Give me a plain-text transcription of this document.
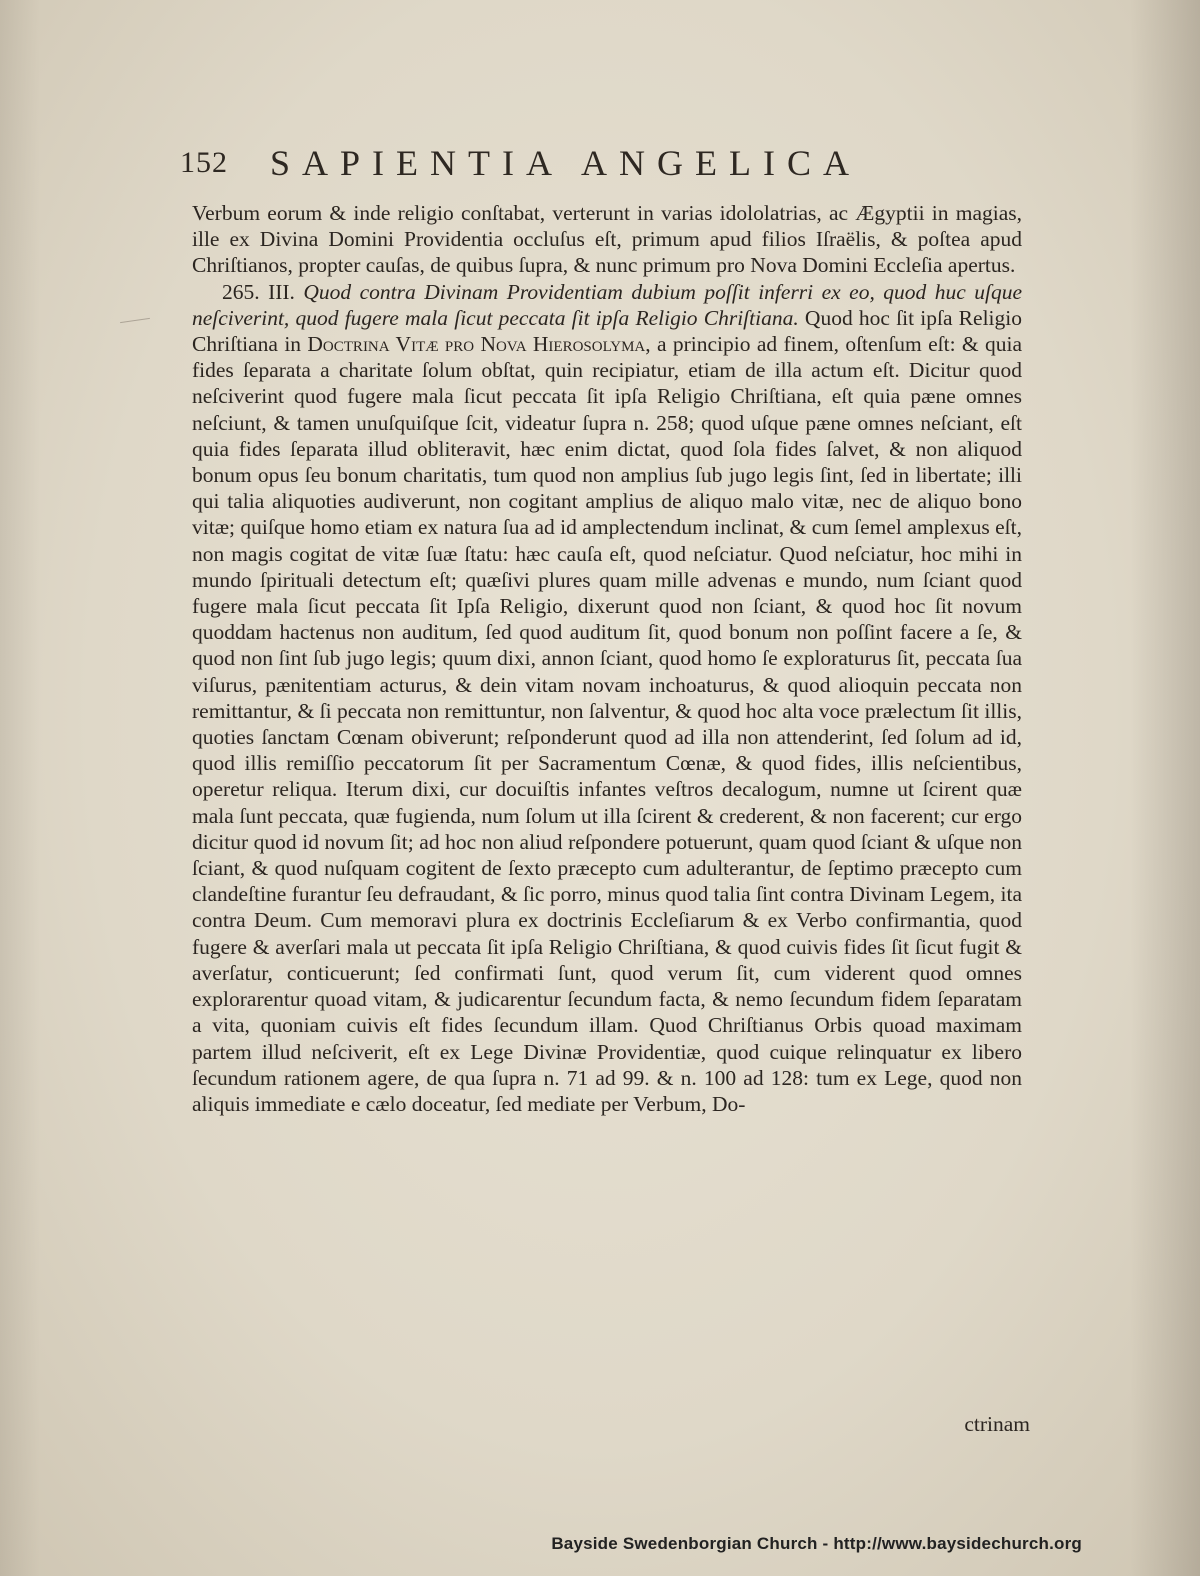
152 SAPIENTIA ANGELICA

Verbum eorum & inde religio conſtabat, verterunt in varias idololatrias, ac Ægyptii in magias, ille ex Divina Domini Providentia occluſus eſt, primum apud filios Iſraëlis, & poſtea apud Chriſtianos, propter cauſas, de quibus ſupra, & nunc primum pro Nova Domini Eccleſia apertus.

265. III. Quod contra Divinam Providentiam dubium poſſit inferri ex eo, quod huc uſque neſciverint, quod fugere mala ſicut peccata ſit ipſa Religio Chriſtiana. Quod hoc ſit ipſa Religio Chriſtiana in Doctrina Vitæ pro Nova Hierosolyma, a principio ad finem, oſtenſum eſt: & quia fides ſeparata a charitate ſolum obſtat, quin recipiatur, etiam de illa actum eſt. Dicitur quod neſciverint quod fugere mala ſicut peccata ſit ipſa Religio Chriſtiana, eſt quia pæne omnes neſciunt, & tamen unuſquiſque ſcit, videatur ſupra n. 258; quod uſque pæne omnes neſciant, eſt quia fides ſeparata illud obliteravit, hæc enim dictat, quod ſola fides ſalvet, & non aliquod bonum opus ſeu bonum charitatis, tum quod non amplius ſub jugo legis ſint, ſed in libertate; illi qui talia aliquoties audiverunt, non cogitant amplius de aliquo malo vitæ, nec de aliquo bono vitæ; quiſque homo etiam ex natura ſua ad id amplectendum inclinat, & cum ſemel amplexus eſt, non magis cogitat de vitæ ſuæ ſtatu: hæc cauſa eſt, quod neſciatur. Quod neſciatur, hoc mihi in mundo ſpirituali detectum eſt; quæſivi plures quam mille advenas e mundo, num ſciant quod fugere mala ſicut peccata ſit Ipſa Religio, dixerunt quod non ſciant, & quod hoc ſit novum quoddam hactenus non auditum, ſed quod auditum ſit, quod bonum non poſſint facere a ſe, & quod non ſint ſub jugo legis; quum dixi, annon ſciant, quod homo ſe exploraturus ſit, peccata ſua viſurus, pænitentiam acturus, & dein vitam novam inchoaturus, & quod alioquin peccata non remittantur, & ſi peccata non remittuntur, non ſalventur, & quod hoc alta voce prælectum ſit illis, quoties ſanctam Cœnam obiverunt; reſponderunt quod ad illa non attenderint, ſed ſolum ad id, quod illis remiſſio peccatorum ſit per Sacramentum Cœnæ, & quod fides, illis neſcientibus, operetur reliqua. Iterum dixi, cur docuiſtis infantes veſtros decalogum, numne ut ſcirent quæ mala ſunt peccata, quæ fugienda, num ſolum ut illa ſcirent & crederent, & non facerent; cur ergo dicitur quod id novum ſit; ad hoc non aliud reſpondere potuerunt, quam quod ſciant & uſque non ſciant, & quod nuſquam cogitent de ſexto præcepto cum adulterantur, de ſeptimo præcepto cum clandeſtine furantur ſeu defraudant, & ſic porro, minus quod talia ſint contra Divinam Legem, ita contra Deum. Cum memoravi plura ex doctrinis Eccleſiarum & ex Verbo confirmantia, quod fugere & averſari mala ut peccata ſit ipſa Religio Chriſtiana, & quod cuivis fides ſit ſicut fugit & averſatur, conticuerunt; ſed confirmati ſunt, quod verum ſit, cum viderent quod omnes explorarentur quoad vitam, & judicarentur ſecundum facta, & nemo ſecundum fidem ſeparatam a vita, quoniam cuivis eſt fides ſecundum illam. Quod Chriſtianus Orbis quoad maximam partem illud neſciverit, eſt ex Lege Divinæ Providentiæ, quod cuique relinquatur ex libero ſecundum rationem agere, de qua ſupra n. 71 ad 99. & n. 100 ad 128: tum ex Lege, quod non aliquis immediate e cælo doceatur, ſed mediate per Verbum, Do-

ctrinam
Bayside Swedenborgian Church - http://www.baysidechurch.org
